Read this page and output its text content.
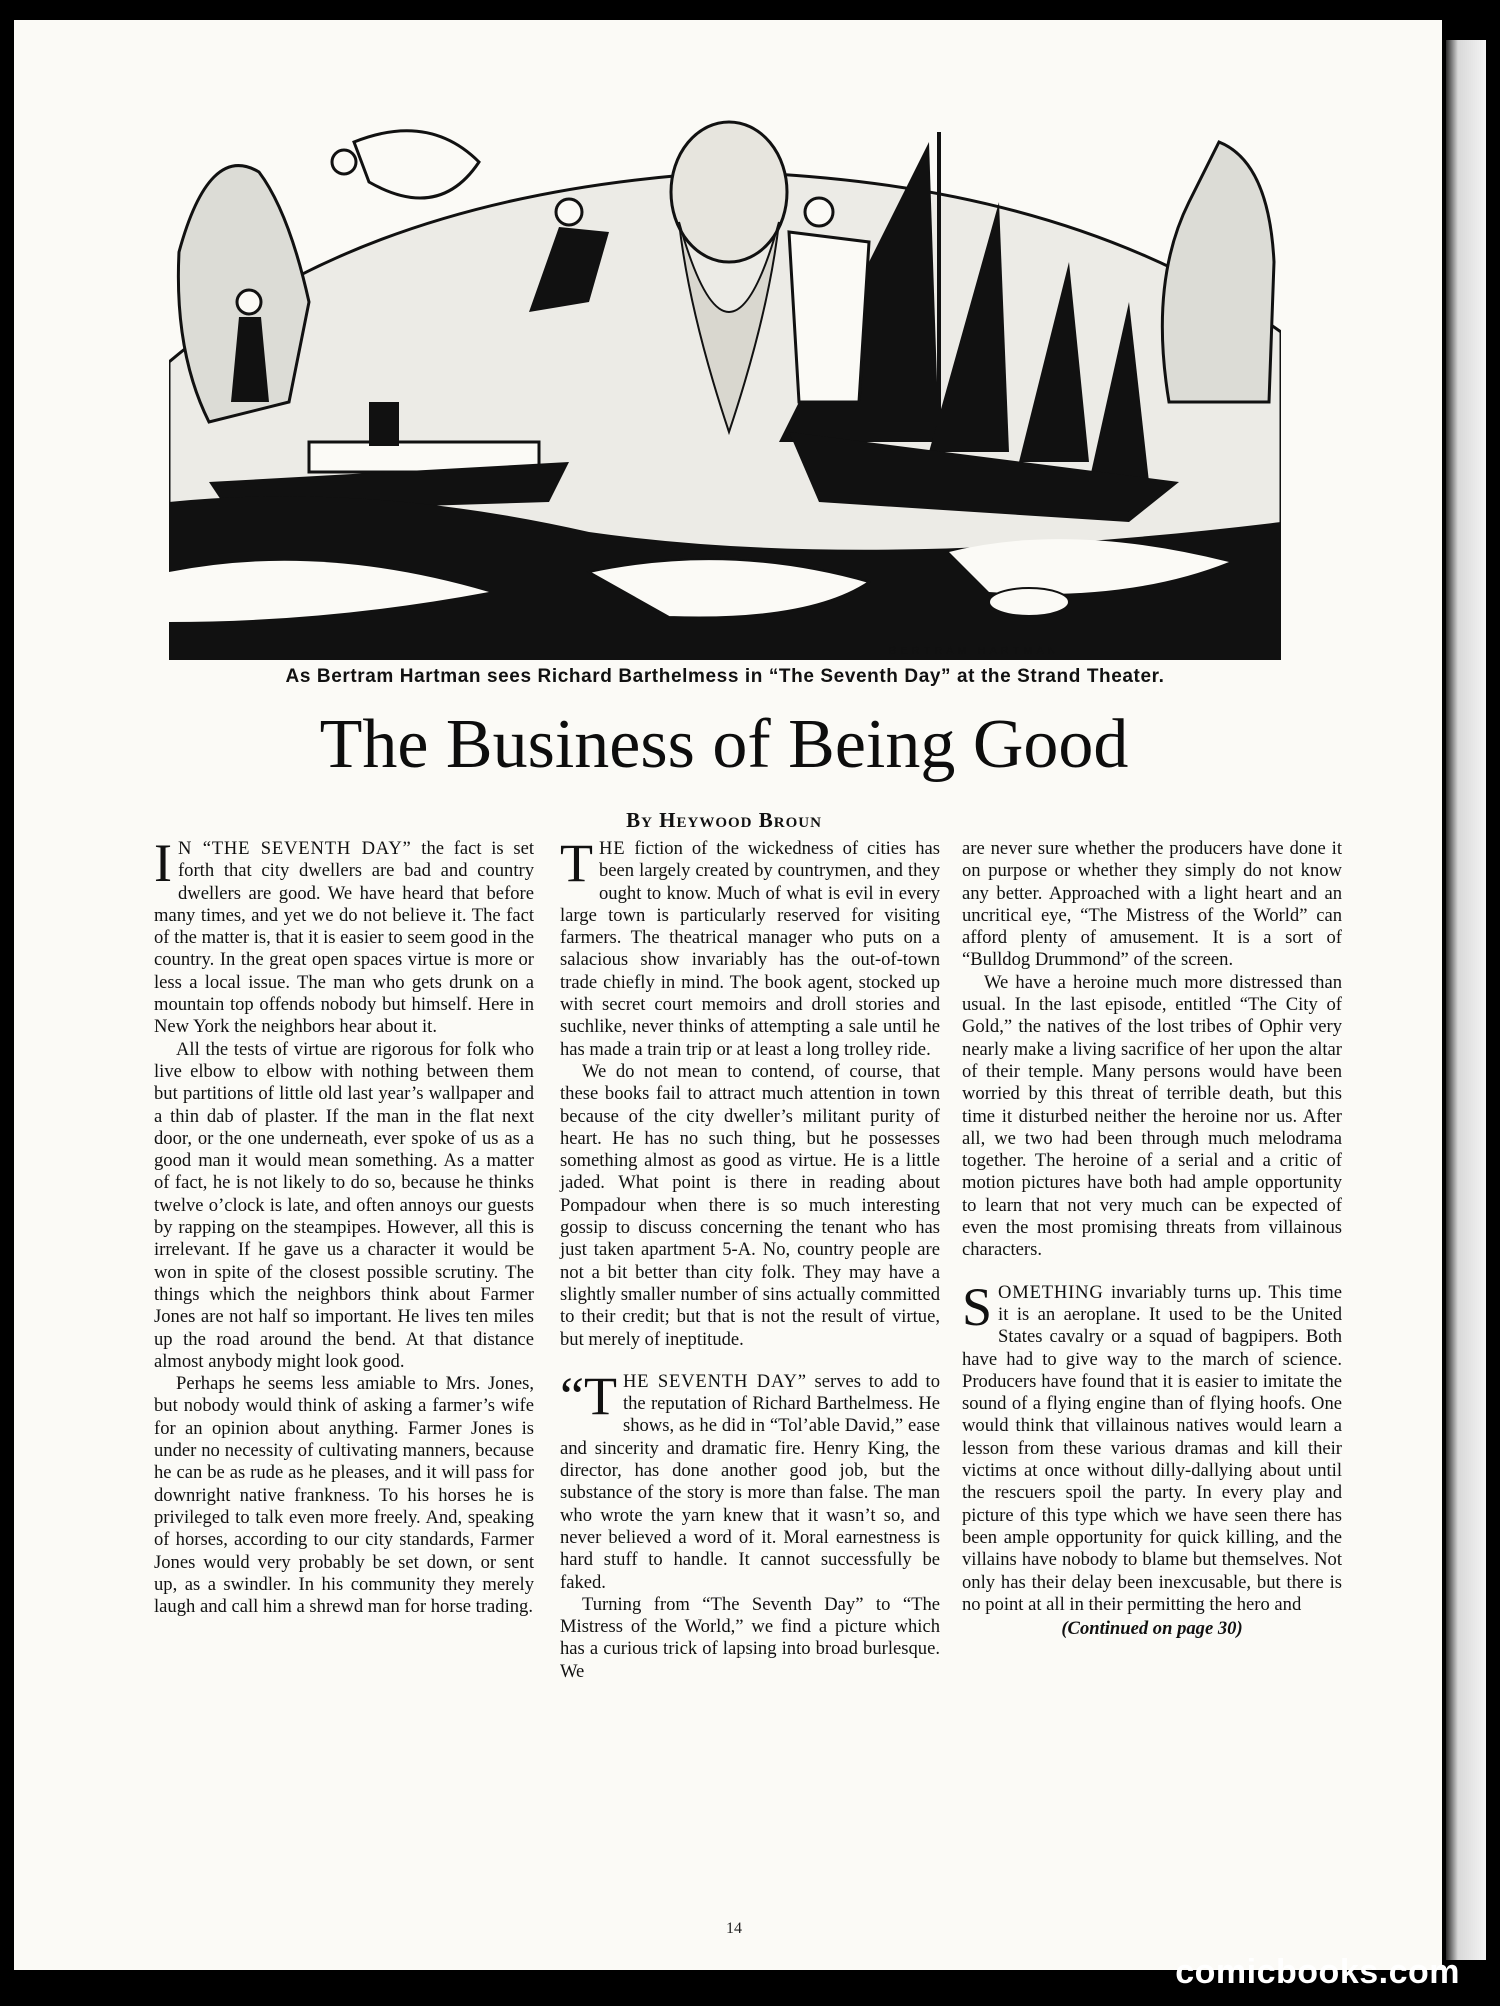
BERTRAM HARTMAN
As Bertram Hartman sees Richard Barthelmess in “The Seventh Day” at the Strand Theater.
The Business of Being Good
By Heywood Broun

I N “THE SEVENTH DAY” the fact is set forth that city dwellers are bad and country dwellers are good. We have heard that before many times, and yet we do not believe it. The fact of the matter is, that it is easier to seem good in the country. In the great open spaces virtue is more or less a local issue. The man who gets drunk on a mountain top offends nobody but himself. Here in New York the neighbors hear about it.

All the tests of virtue are rigorous for folk who live elbow to elbow with nothing between them but partitions of little old last year’s wallpaper and a thin dab of plaster. If the man in the flat next door, or the one underneath, ever spoke of us as a good man it would mean something. As a matter of fact, he is not likely to do so, because he thinks twelve o’clock is late, and often annoys our guests by rapping on the steampipes. However, all this is irrelevant. If he gave us a character it would be won in spite of the closest possible scrutiny. The things which the neighbors think about Farmer Jones are not half so important. He lives ten miles up the road around the bend. At that distance almost anybody might look good.

Perhaps he seems less amiable to Mrs. Jones, but nobody would think of asking a farmer’s wife for an opinion about anything. Farmer Jones is under no necessity of cultivating manners, because he can be as rude as he pleases, and it will pass for downright native frankness. To his horses he is privileged to talk even more freely. And, speaking of horses, according to our city standards, Farmer Jones would very probably be set down, or sent up, as a swindler. In his community they merely laugh and call him a shrewd man for horse trading.

THE fiction of the wickedness of cities has been largely created by countrymen, and they ought to know. Much of what is evil in every large town is particularly reserved for visiting farmers. The theatrical manager who puts on a salacious show invariably has the out-of-town trade chiefly in mind. The book agent, stocked up with secret court memoirs and droll stories and suchlike, never thinks of attempting a sale until he has made a train trip or at least a long trolley ride.

We do not mean to contend, of course, that these books fail to attract much attention in town because of the city dweller’s militant purity of heart. He has no such thing, but he possesses something almost as good as virtue. He is a little jaded. What point is there in reading about Pompadour when there is so much interesting gossip to discuss concerning the tenant who has just taken apartment 5-A. No, country people are not a bit better than city folk. They may have a slightly smaller number of sins actually committed to their credit; but that is not the result of virtue, but merely of ineptitude.

“THE SEVENTH DAY” serves to add to the reputation of Richard Barthelmess. He shows, as he did in “Tol’able David,” ease and sincerity and dramatic fire. Henry King, the director, has done another good job, but the substance of the story is more than false. The man who wrote the yarn knew that it wasn’t so, and never believed a word of it. Moral earnestness is hard stuff to handle. It cannot successfully be faked.

Turning from “The Seventh Day” to “The Mistress of the World,” we find a picture which has a curious trick of lapsing into broad burlesque. We

are never sure whether the producers have done it on purpose or whether they simply do not know any better. Approached with a light heart and an uncritical eye, “The Mistress of the World” can afford plenty of amusement. It is a sort of “Bulldog Drummond” of the screen.

We have a heroine much more distressed than usual. In the last episode, entitled “The City of Gold,” the natives of the lost tribes of Ophir very nearly make a living sacrifice of her upon the altar of their temple. Many persons would have been worried by this threat of terrible death, but this time it disturbed neither the heroine nor us. After all, we two had been through much melodrama together. The heroine of a serial and a critic of motion pictures have both had ample opportunity to learn that not very much can be expected of even the most promising threats from villainous characters.

SOMETHING invariably turns up. This time it is an aeroplane. It used to be the United States cavalry or a squad of bagpipers. Both have had to give way to the march of science. Producers have found that it is easier to imitate the sound of a flying engine than of flying hoofs. One would think that villainous natives would learn a lesson from these various dramas and kill their victims at once without dilly-dallying about until the rescuers spoil the party. In every play and picture of this type which we have seen there has been ample opportunity for quick killing, and the villains have nobody to blame but themselves. Not only has their delay been inexcusable, but there is no point at all in their permitting the hero and

(Continued on page 30)
14
comicbooks.com
